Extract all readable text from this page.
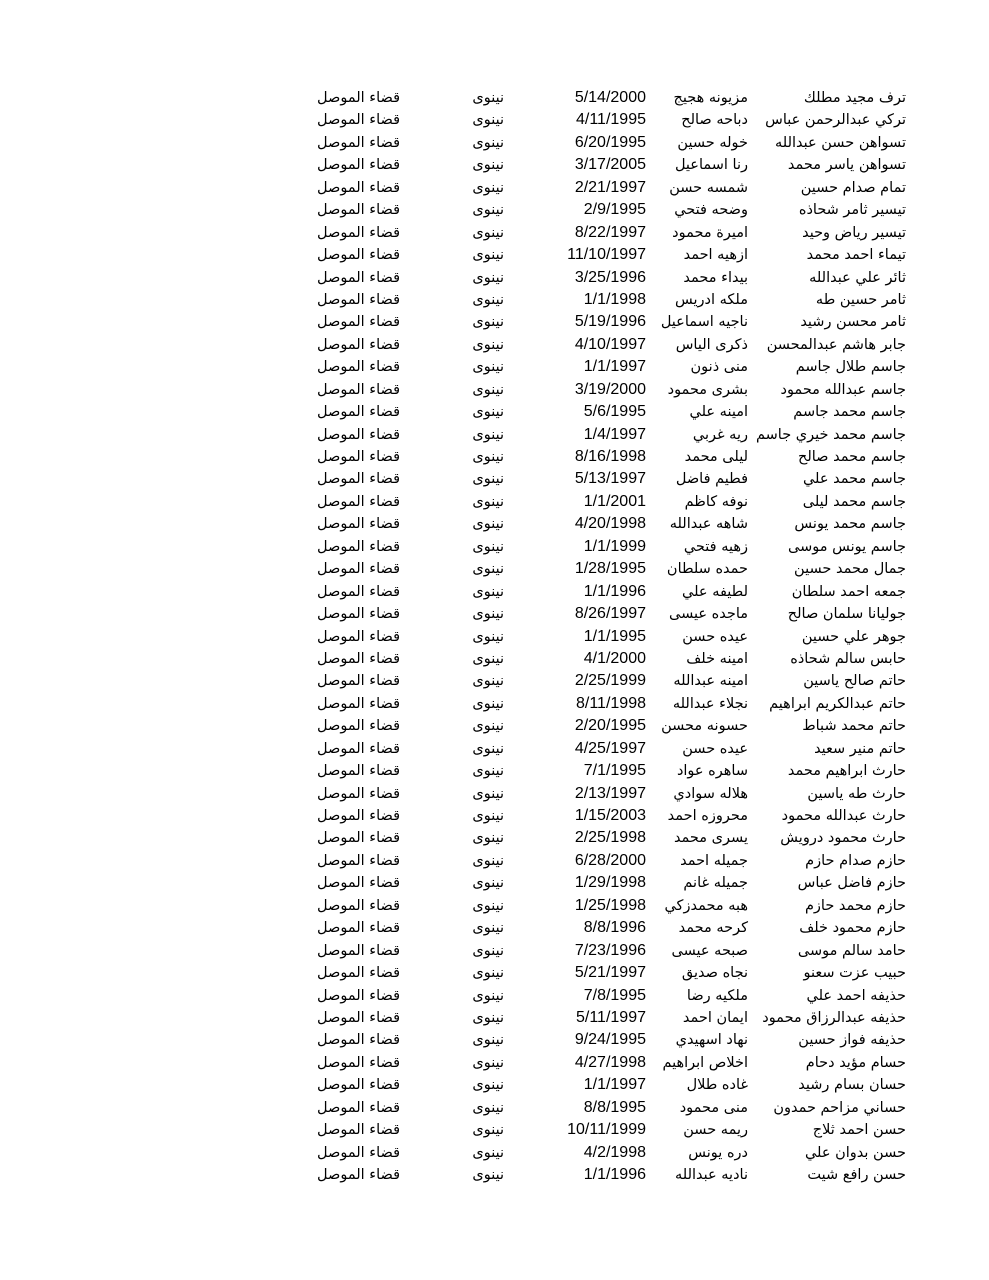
ترف مجيد مطلك
مزيونه هجيج
5/14/2000
نينوى
قضاء الموصل
تركي عبدالرحمن عباس
دباحه صالح
4/11/1995
نينوى
قضاء الموصل
تسواهن حسن عبدالله
خوله حسين
6/20/1995
نينوى
قضاء الموصل
تسواهن ياسر محمد
رنا اسماعيل
3/17/2005
نينوى
قضاء الموصل
تمام صدام حسين
شمسه حسن
2/21/1997
نينوى
قضاء الموصل
تيسير ثامر شحاذه
وضحه فتحي
2/9/1995
نينوى
قضاء الموصل
تيسير رياض وحيد
اميرة محمود
8/22/1997
نينوى
قضاء الموصل
تيماء احمد محمد
ازهيه احمد
11/10/1997
نينوى
قضاء الموصل
ثائر علي عبدالله
بيداء محمد
3/25/1996
نينوى
قضاء الموصل
ثامر حسين طه
ملكه ادريس
1/1/1998
نينوى
قضاء الموصل
ثامر محسن رشيد
ناجيه اسماعيل
5/19/1996
نينوى
قضاء الموصل
جابر هاشم عبدالمحسن
ذكرى الياس
4/10/1997
نينوى
قضاء الموصل
جاسم طلال جاسم
منى ذنون
1/1/1997
نينوى
قضاء الموصل
جاسم عبدالله محمود
بشرى محمود
3/19/2000
نينوى
قضاء الموصل
جاسم محمد جاسم
امينه علي
5/6/1995
نينوى
قضاء الموصل
جاسم محمد خيري جاسم
ريه غربي
1/4/1997
نينوى
قضاء الموصل
جاسم محمد صالح
ليلى محمد
8/16/1998
نينوى
قضاء الموصل
جاسم محمد علي
فطيم فاضل
5/13/1997
نينوى
قضاء الموصل
جاسم محمد ليلى
نوفه كاظم
1/1/2001
نينوى
قضاء الموصل
جاسم محمد يونس
شاهه عبدالله
4/20/1998
نينوى
قضاء الموصل
جاسم يونس موسى
زهيه فتحي
1/1/1999
نينوى
قضاء الموصل
جمال محمد حسين
حمده سلطان
1/28/1995
نينوى
قضاء الموصل
جمعه احمد سلطان
لطيفه علي
1/1/1996
نينوى
قضاء الموصل
جوليانا سلمان صالح
ماجده عيسى
8/26/1997
نينوى
قضاء الموصل
جوهر علي حسين
عيده حسن
1/1/1995
نينوى
قضاء الموصل
حابس سالم شحاذه
امينه خلف
4/1/2000
نينوى
قضاء الموصل
حاتم صالح ياسين
امينه عبدالله
2/25/1999
نينوى
قضاء الموصل
حاتم عبدالكريم ابراهيم
نجلاء عبدالله
8/11/1998
نينوى
قضاء الموصل
حاتم محمد شباط
حسونه محسن
2/20/1995
نينوى
قضاء الموصل
حاتم منير سعيد
عيده حسن
4/25/1997
نينوى
قضاء الموصل
حارث ابراهيم محمد
ساهره عواد
7/1/1995
نينوى
قضاء الموصل
حارث طه ياسين
هلاله سوادي
2/13/1997
نينوى
قضاء الموصل
حارث عبدالله محمود
محروزه احمد
1/15/2003
نينوى
قضاء الموصل
حارث محمود درويش
يسرى محمد
2/25/1998
نينوى
قضاء الموصل
حازم صدام حازم
جميله احمد
6/28/2000
نينوى
قضاء الموصل
حازم فاضل عباس
جميله غانم
1/29/1998
نينوى
قضاء الموصل
حازم محمد حازم
هبه محمدزكي
1/25/1998
نينوى
قضاء الموصل
حازم محمود خلف
كرحه محمد
8/8/1996
نينوى
قضاء الموصل
حامد سالم موسى
صبحه عيسى
7/23/1996
نينوى
قضاء الموصل
حبيب عزت سعنو
نجاه صديق
5/21/1997
نينوى
قضاء الموصل
حذيفه احمد علي
ملكيه رضا
7/8/1995
نينوى
قضاء الموصل
حذيفه عبدالرزاق محمود
ايمان احمد
5/11/1997
نينوى
قضاء الموصل
حذيفه فواز حسين
نهاد اسهيدي
9/24/1995
نينوى
قضاء الموصل
حسام مؤيد دحام
اخلاص ابراهيم
4/27/1998
نينوى
قضاء الموصل
حسان بسام رشيد
غاده طلال
1/1/1997
نينوى
قضاء الموصل
حساني مزاحم حمدون
منى محمود
8/8/1995
نينوى
قضاء الموصل
حسن احمد ثلاج
ريمه حسن
10/11/1999
نينوى
قضاء الموصل
حسن بدوان علي
دره يونس
4/2/1998
نينوى
قضاء الموصل
حسن رافع شيت
ناديه عبدالله
1/1/1996
نينوى
قضاء الموصل
